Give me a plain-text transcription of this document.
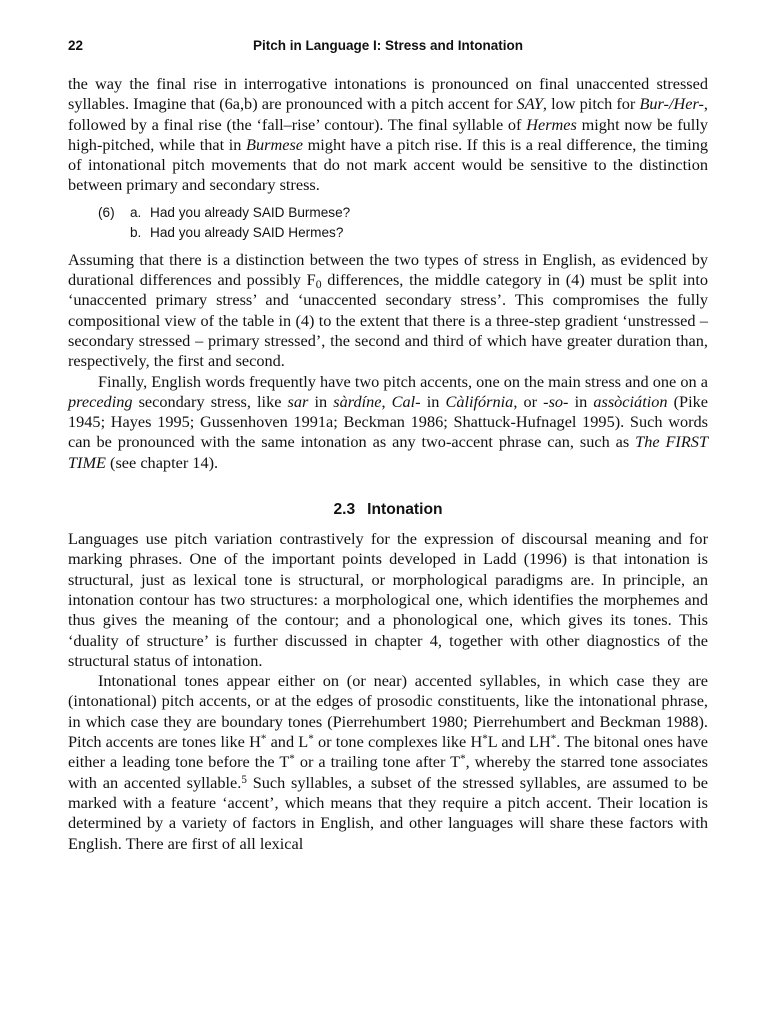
22	Pitch in Language I: Stress and Intonation

the way the final rise in interrogative intonations is pronounced on final unaccented stressed syllables. Imagine that (6a,b) are pronounced with a pitch accent for SAY, low pitch for Bur-/Her-, followed by a final rise (the ‘fall–rise’ contour). The final syllable of Hermes might now be fully high-pitched, while that in Burmese might have a pitch rise. If this is a real difference, the timing of intonational pitch movements that do not mark accent would be sensitive to the distinction between primary and secondary stress.

(6)	a. Had you already SAID Burmese?
b. Had you already SAID Hermes?

Assuming that there is a distinction between the two types of stress in English, as evidenced by durational differences and possibly $F_0$ differences, the middle category in (4) must be split into ‘unaccented primary stress’ and ‘unaccented secondary stress’. This compromises the fully compositional view of the table in (4) to the extent that there is a three-step gradient ‘unstressed – secondary stressed – primary stressed’, the second and third of which have greater duration than, respectively, the first and second.

Finally, English words frequently have two pitch accents, one on the main stress and one on a preceding secondary stress, like sar in sàrdíne, Cal- in Càlifórnia, or -so- in assòciátion (Pike 1945; Hayes 1995; Gussenhoven 1991a; Beckman 1986; Shattuck-Hufnagel 1995). Such words can be pronounced with the same intonation as any two-accent phrase can, such as The FIRST TIME (see chapter 14).

2.3 Intonation

Languages use pitch variation contrastively for the expression of discoursal meaning and for marking phrases. One of the important points developed in Ladd (1996) is that intonation is structural, just as lexical tone is structural, or morphological paradigms are. In principle, an intonation contour has two structures: a morphological one, which identifies the morphemes and thus gives the meaning of the contour; and a phonological one, which gives its tones. This ‘duality of structure’ is further discussed in chapter 4, together with other diagnostics of the structural status of intonation.

Intonational tones appear either on (or near) accented syllables, in which case they are (intonational) pitch accents, or at the edges of prosodic constituents, like the intonational phrase, in which case they are boundary tones (Pierrehumbert 1980; Pierrehumbert and Beckman 1988). Pitch accents are tones like H* and L* or tone complexes like H*L and LH*. The bitonal ones have either a leading tone before the T* or a trailing tone after T*, whereby the starred tone associates with an accented syllable.$^5$ Such syllables, a subset of the stressed syllables, are assumed to be marked with a feature ‘accent’, which means that they require a pitch accent. Their location is determined by a variety of factors in English, and other languages will share these factors with English. There are first of all lexical
